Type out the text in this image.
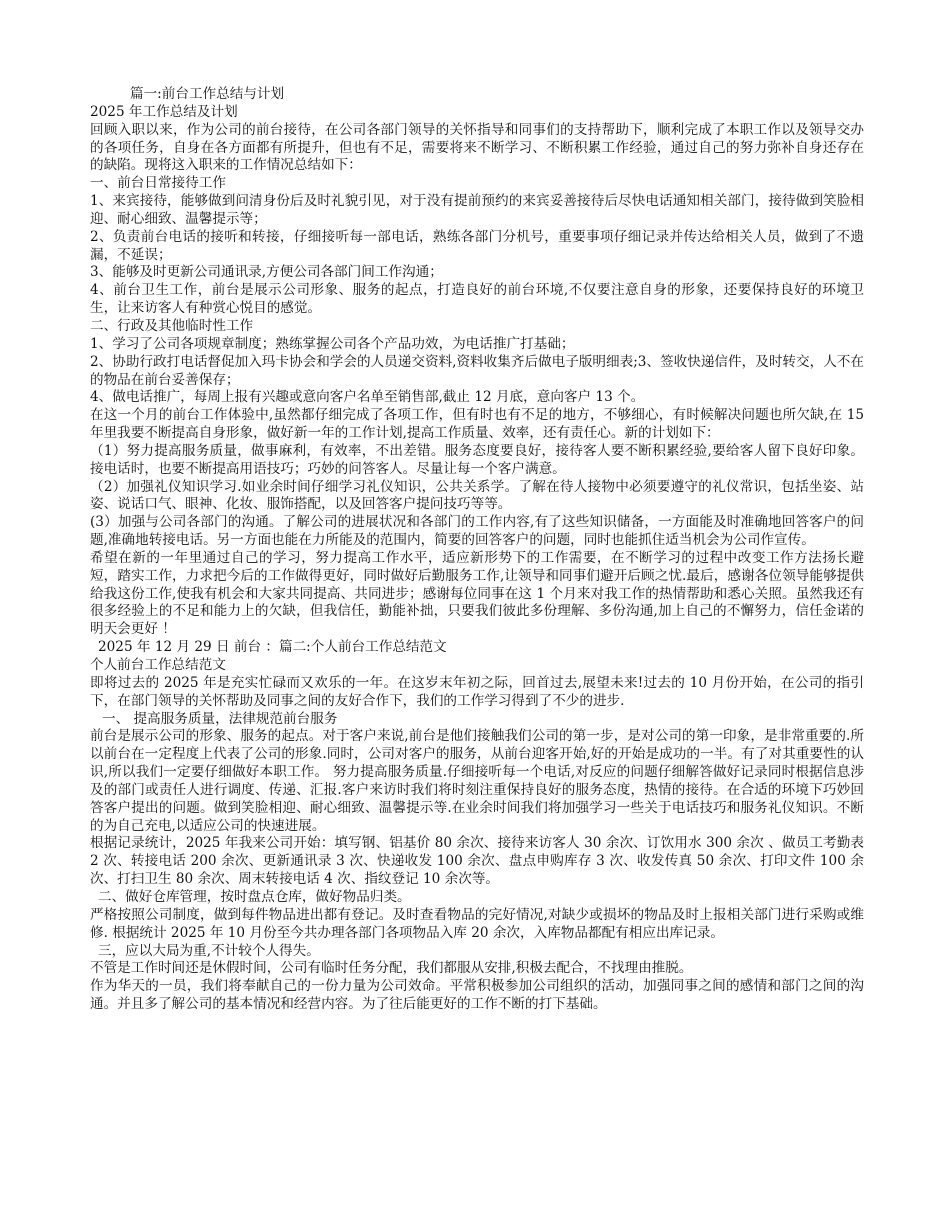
篇一:前台工作总结与计划

2025 年工作总结及计划

回顾入职以来，作为公司的前台接待，在公司各部门领导的关怀指导和同事们的支持帮助下，顺利完成了本职工作以及领导交办的各项任务，自身在各方面都有所提升，但也有不足，需要将来不断学习、不断积累工作经验，通过自己的努力弥补自身还存在的缺陷。现将这入职来的工作情况总结如下：

一、前台日常接待工作

1、来宾接待，能够做到问清身份后及时礼貌引见，对于没有提前预约的来宾妥善接待后尽快电话通知相关部门，接待做到笑脸相迎、耐心细致、温馨提示等；

2、负责前台电话的接听和转接，仔细接听每一部电话，熟练各部门分机号，重要事项仔细记录并传达给相关人员，做到了不遗漏，不延误；

3、能够及时更新公司通讯录,方便公司各部门间工作沟通；

4、前台卫生工作，前台是展示公司形象、服务的起点，打造良好的前台环境,不仅要注意自身的形象，还要保持良好的环境卫生，让来访客人有种赏心悦目的感觉。

二、行政及其他临时性工作

1、学习了公司各项规章制度；熟练掌握公司各个产品功效，为电话推广打基础；

2、协助行政打电话督促加入玛卡协会和学会的人员递交资料,资料收集齐后做电子版明细表;3、签收快递信件，及时转交，人不在的物品在前台妥善保存；

4、做电话推广，每周上报有兴趣或意向客户名单至销售部,截止 12 月底，意向客户 13 个。

在这一个月的前台工作体验中,虽然都仔细完成了各项工作，但有时也有不足的地方，不够细心，有时候解决问题也所欠缺,在 15 年里我要不断提高自身形象，做好新一年的工作计划,提高工作质量、效率，还有责任心。新的计划如下：

（1）努力提高服务质量，做事麻利，有效率，不出差错。服务态度要良好，接待客人要不断积累经验,要给客人留下良好印象。接电话时，也要不断提高用语技巧；巧妙的问答客人。尽量让每一个客户满意。

（2）加强礼仪知识学习.如业余时间仔细学习礼仪知识，公共关系学。了解在待人接物中必须要遵守的礼仪常识，包括坐姿、站姿、说话口气、眼神、化妆、服饰搭配，以及回答客户提问技巧等等。

(3）加强与公司各部门的沟通。了解公司的进展状况和各部门的工作内容,有了这些知识储备，一方面能及时准确地回答客户的问题,准确地转接电话。另一方面也能在力所能及的范围内，简要的回答客户的问题，同时也能抓住适当机会为公司作宣传。

希望在新的一年里通过自己的学习，努力提高工作水平，适应新形势下的工作需要，在不断学习的过程中改变工作方法扬长避短，踏实工作，力求把今后的工作做得更好，同时做好后勤服务工作,让领导和同事们避开后顾之忧.最后，感谢各位领导能够提供给我这份工作,使我有机会和大家共同提高、共同进步；感谢每位同事在这 1 个月来对我工作的热情帮助和悉心关照。虽然我还有很多经验上的不足和能力上的欠缺，但我信任，勤能补拙，只要我们彼此多份理解、多份沟通,加上自己的不懈努力，信任金诺的明天会更好 ！

2025 年 12 月 29 日 前台 ：篇二:个人前台工作总结范文

个人前台工作总结范文

即将过去的 2025 年是充实忙碌而又欢乐的一年。在这岁末年初之际，回首过去,展望未来!过去的 10 月份开始，在公司的指引下，在部门领导的关怀帮助及同事之间的友好合作下，我们的工作学习得到了不少的进步.

一、 提高服务质量，法律规范前台服务

前台是展示公司的形象、服务的起点。对于客户来说,前台是他们接触我们公司的第一步，是对公司的第一印象，是非常重要的.所以前台在一定程度上代表了公司的形象.同时，公司对客户的服务，从前台迎客开始,好的开始是成功的一半。有了对其重要性的认识,所以我们一定要仔细做好本职工作。 努力提高服务质量.仔细接听每一个电话,对反应的问题仔细解答做好记录同时根据信息涉及的部门或责任人进行调度、传递、汇报.客户来访时我们将时刻注重保持良好的服务态度，热情的接待。在合适的环境下巧妙回答客户提出的问题。做到笑脸相迎、耐心细致、温馨提示等.在业余时间我们将加强学习一些关于电话技巧和服务礼仪知识。不断的为自己充电,以适应公司的快速进展。

根据记录统计，2025 年我来公司开始：填写钢、铝基价 80 余次、接待来访客人 30 余次、订饮用水 300 余次 、做员工考勤表 2 次、转接电话 200 余次、更新通讯录 3 次、快递收发 100 余次、盘点申购库存 3 次、收发传真 50 余次、打印文件 100 余次、打扫卫生 80 余次、周末转接电话 4 次、指纹登记 10 余次等。

二、做好仓库管理，按时盘点仓库，做好物品归类。

严格按照公司制度，做到每件物品进出都有登记。及时查看物品的完好情况,对缺少或损坏的物品及时上报相关部门进行采购或维修. 根据统计 2025 年 10 月份至今共办理各部门各项物品入库 20 余次，入库物品都配有相应出库记录。

三，应以大局为重,不计较个人得失。

不管是工作时间还是休假时间，公司有临时任务分配，我们都服从安排,积极去配合，不找理由推脱。

作为华天的一员，我们将奉献自己的一份力量为公司效命。平常积极参加公司组织的活动，加强同事之间的感情和部门之间的沟通。并且多了解公司的基本情况和经营内容。为了往后能更好的工作不断的打下基础。
